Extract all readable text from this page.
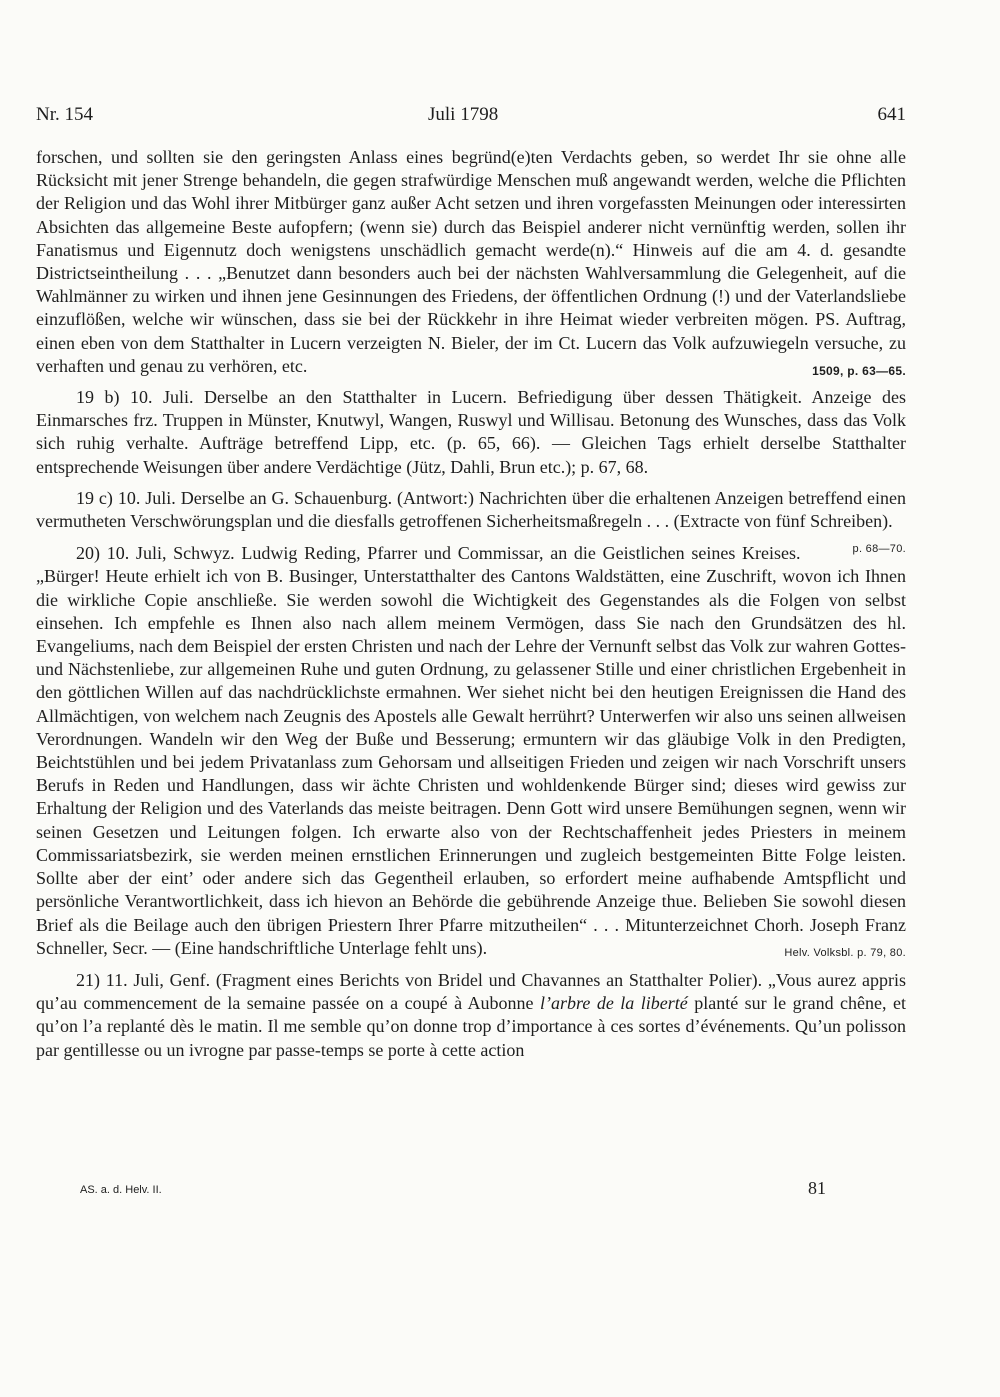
Nr. 154	Juli 1798	641

forschen, und sollten sie den geringsten Anlass eines begründ(e)ten Verdachts geben, so werdet Ihr sie ohne alle Rücksicht mit jener Strenge behandeln, die gegen strafwürdige Menschen muß angewandt werden, welche die Pflichten der Religion und das Wohl ihrer Mitbürger ganz außer Acht setzen und ihren vorgefassten Meinungen oder interessirten Absichten das allgemeine Beste aufopfern; (wenn sie) durch das Beispiel anderer nicht vernünftig werden, sollen ihr Fanatismus und Eigennutz doch wenigstens unschädlich gemacht werde(n).“ Hinweis auf die am 4. d. gesandte Districtseintheilung . . . „Benutzet dann besonders auch bei der nächsten Wahlversammlung die Gelegenheit, auf die Wahlmänner zu wirken und ihnen jene Gesinnungen des Friedens, der öffentlichen Ordnung (!) und der Vaterlandsliebe einzuflößen, welche wir wünschen, dass sie bei der Rückkehr in ihre Heimat wieder verbreiten mögen. PS. Auftrag, einen eben von dem Statthalter in Lucern verzeigten N. Bieler, der im Ct. Lucern das Volk aufzuwiegeln versuche, zu verhaften und genau zu verhören, etc.	1509, p. 63—65.

19 b) 10. Juli. Derselbe an den Statthalter in Lucern. Befriedigung über dessen Thätigkeit. Anzeige des Einmarsches frz. Truppen in Münster, Knutwyl, Wangen, Ruswyl und Willisau. Betonung des Wunsches, dass das Volk sich ruhig verhalte. Aufträge betreffend Lipp, etc. (p. 65, 66). — Gleichen Tags erhielt derselbe Statthalter entsprechende Weisungen über andere Verdächtige (Jütz, Dahli, Brun etc.); p. 67, 68.

19 c) 10. Juli. Derselbe an G. Schauenburg. (Antwort:) Nachrichten über die erhaltenen Anzeigen betreffend einen vermutheten Verschwörungsplan und die diesfalls getroffenen Sicherheitsmaßregeln . . . (Extracte von fünf Schreiben).
p. 68—70.

20) 10. Juli, Schwyz. Ludwig Reding, Pfarrer und Commissar, an die Geistlichen seines Kreises. „Bürger! Heute erhielt ich von B. Businger, Unterstatthalter des Cantons Waldstätten, eine Zuschrift, wovon ich Ihnen die wirkliche Copie anschließe. Sie werden sowohl die Wichtigkeit des Gegenstandes als die Folgen von selbst einsehen. Ich empfehle es Ihnen also nach allem meinem Vermögen, dass Sie nach den Grundsätzen des hl. Evangeliums, nach dem Beispiel der ersten Christen und nach der Lehre der Vernunft selbst das Volk zur wahren Gottes- und Nächstenliebe, zur allgemeinen Ruhe und guten Ordnung, zu gelassener Stille und einer christlichen Ergebenheit in den göttlichen Willen auf das nachdrücklichste ermahnen. Wer siehet nicht bei den heutigen Ereignissen die Hand des Allmächtigen, von welchem nach Zeugnis des Apostels alle Gewalt herrührt? Unterwerfen wir also uns seinen allweisen Verordnungen. Wandeln wir den Weg der Buße und Besserung; ermuntern wir das gläubige Volk in den Predigten, Beichtstühlen und bei jedem Privatanlass zum Gehorsam und allseitigen Frieden und zeigen wir nach Vorschrift unsers Berufs in Reden und Handlungen, dass wir ächte Christen und wohldenkende Bürger sind; dieses wird gewiss zur Erhaltung der Religion und des Vaterlands das meiste beitragen. Denn Gott wird unsere Bemühungen segnen, wenn wir seinen Gesetzen und Leitungen folgen. Ich erwarte also von der Rechtschaffenheit jedes Priesters in meinem Commissariatsbezirk, sie werden meinen ernstlichen Erinnerungen und zugleich bestgemeinten Bitte Folge leisten. Sollte aber der eint’ oder andere sich das Gegentheil erlauben, so erfordert meine aufhabende Amtspflicht und persönliche Verantwortlichkeit, dass ich hievon an Behörde die gebührende Anzeige thue. Belieben Sie sowohl diesen Brief als die Beilage auch den übrigen Priestern Ihrer Pfarre mitzutheilen“ . . . Mitunterzeichnet Chorh. Joseph Franz Schneller, Secr. — (Eine handschriftliche Unterlage fehlt uns).	Helv. Volksbl. p. 79, 80.

21) 11. Juli, Genf. (Fragment eines Berichts von Bridel und Chavannes an Statthalter Polier). „Vous aurez appris qu’au commencement de la semaine passée on a coupé à Aubonne l’arbre de la liberté planté sur le grand chêne, et qu’on l’a replanté dès le matin. Il me semble qu’on donne trop d’importance à ces sortes d’événements. Qu’un polisson par gentillesse ou un ivrogne par passe-temps se porte à cette action

AS. a. d. Helv. II.	81
